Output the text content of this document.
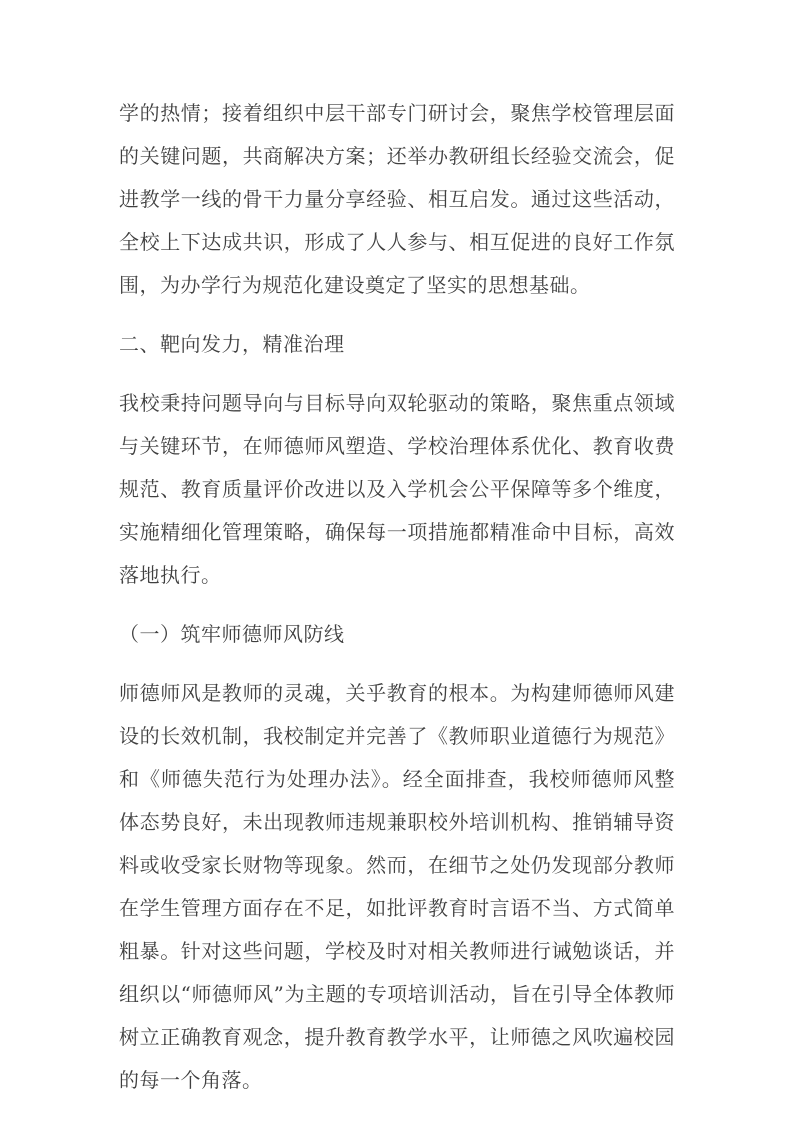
学的热情；接着组织中层干部专门研讨会，聚焦学校管理层面的关键问题，共商解决方案；还举办教研组长经验交流会，促进教学一线的骨干力量分享经验、相互启发。通过这些活动，全校上下达成共识，形成了人人参与、相互促进的良好工作氛围，为办学行为规范化建设奠定了坚实的思想基础。

二、靶向发力，精准治理

我校秉持问题导向与目标导向双轮驱动的策略，聚焦重点领域与关键环节，在师德师风塑造、学校治理体系优化、教育收费规范、教育质量评价改进以及入学机会公平保障等多个维度，实施精细化管理策略，确保每一项措施都精准命中目标，高效落地执行。

（一）筑牢师德师风防线

师德师风是教师的灵魂，关乎教育的根本。为构建师德师风建设的长效机制，我校制定并完善了《教师职业道德行为规范》和《师德失范行为处理办法》。经全面排查，我校师德师风整体态势良好，未出现教师违规兼职校外培训机构、推销辅导资料或收受家长财物等现象。然而，在细节之处仍发现部分教师在学生管理方面存在不足，如批评教育时言语不当、方式简单粗暴。针对这些问题，学校及时对相关教师进行诫勉谈话，并组织以“师德师风”为主题的专项培训活动，旨在引导全体教师树立正确教育观念，提升教育教学水平，让师德之风吹遍校园的每一个角落。
